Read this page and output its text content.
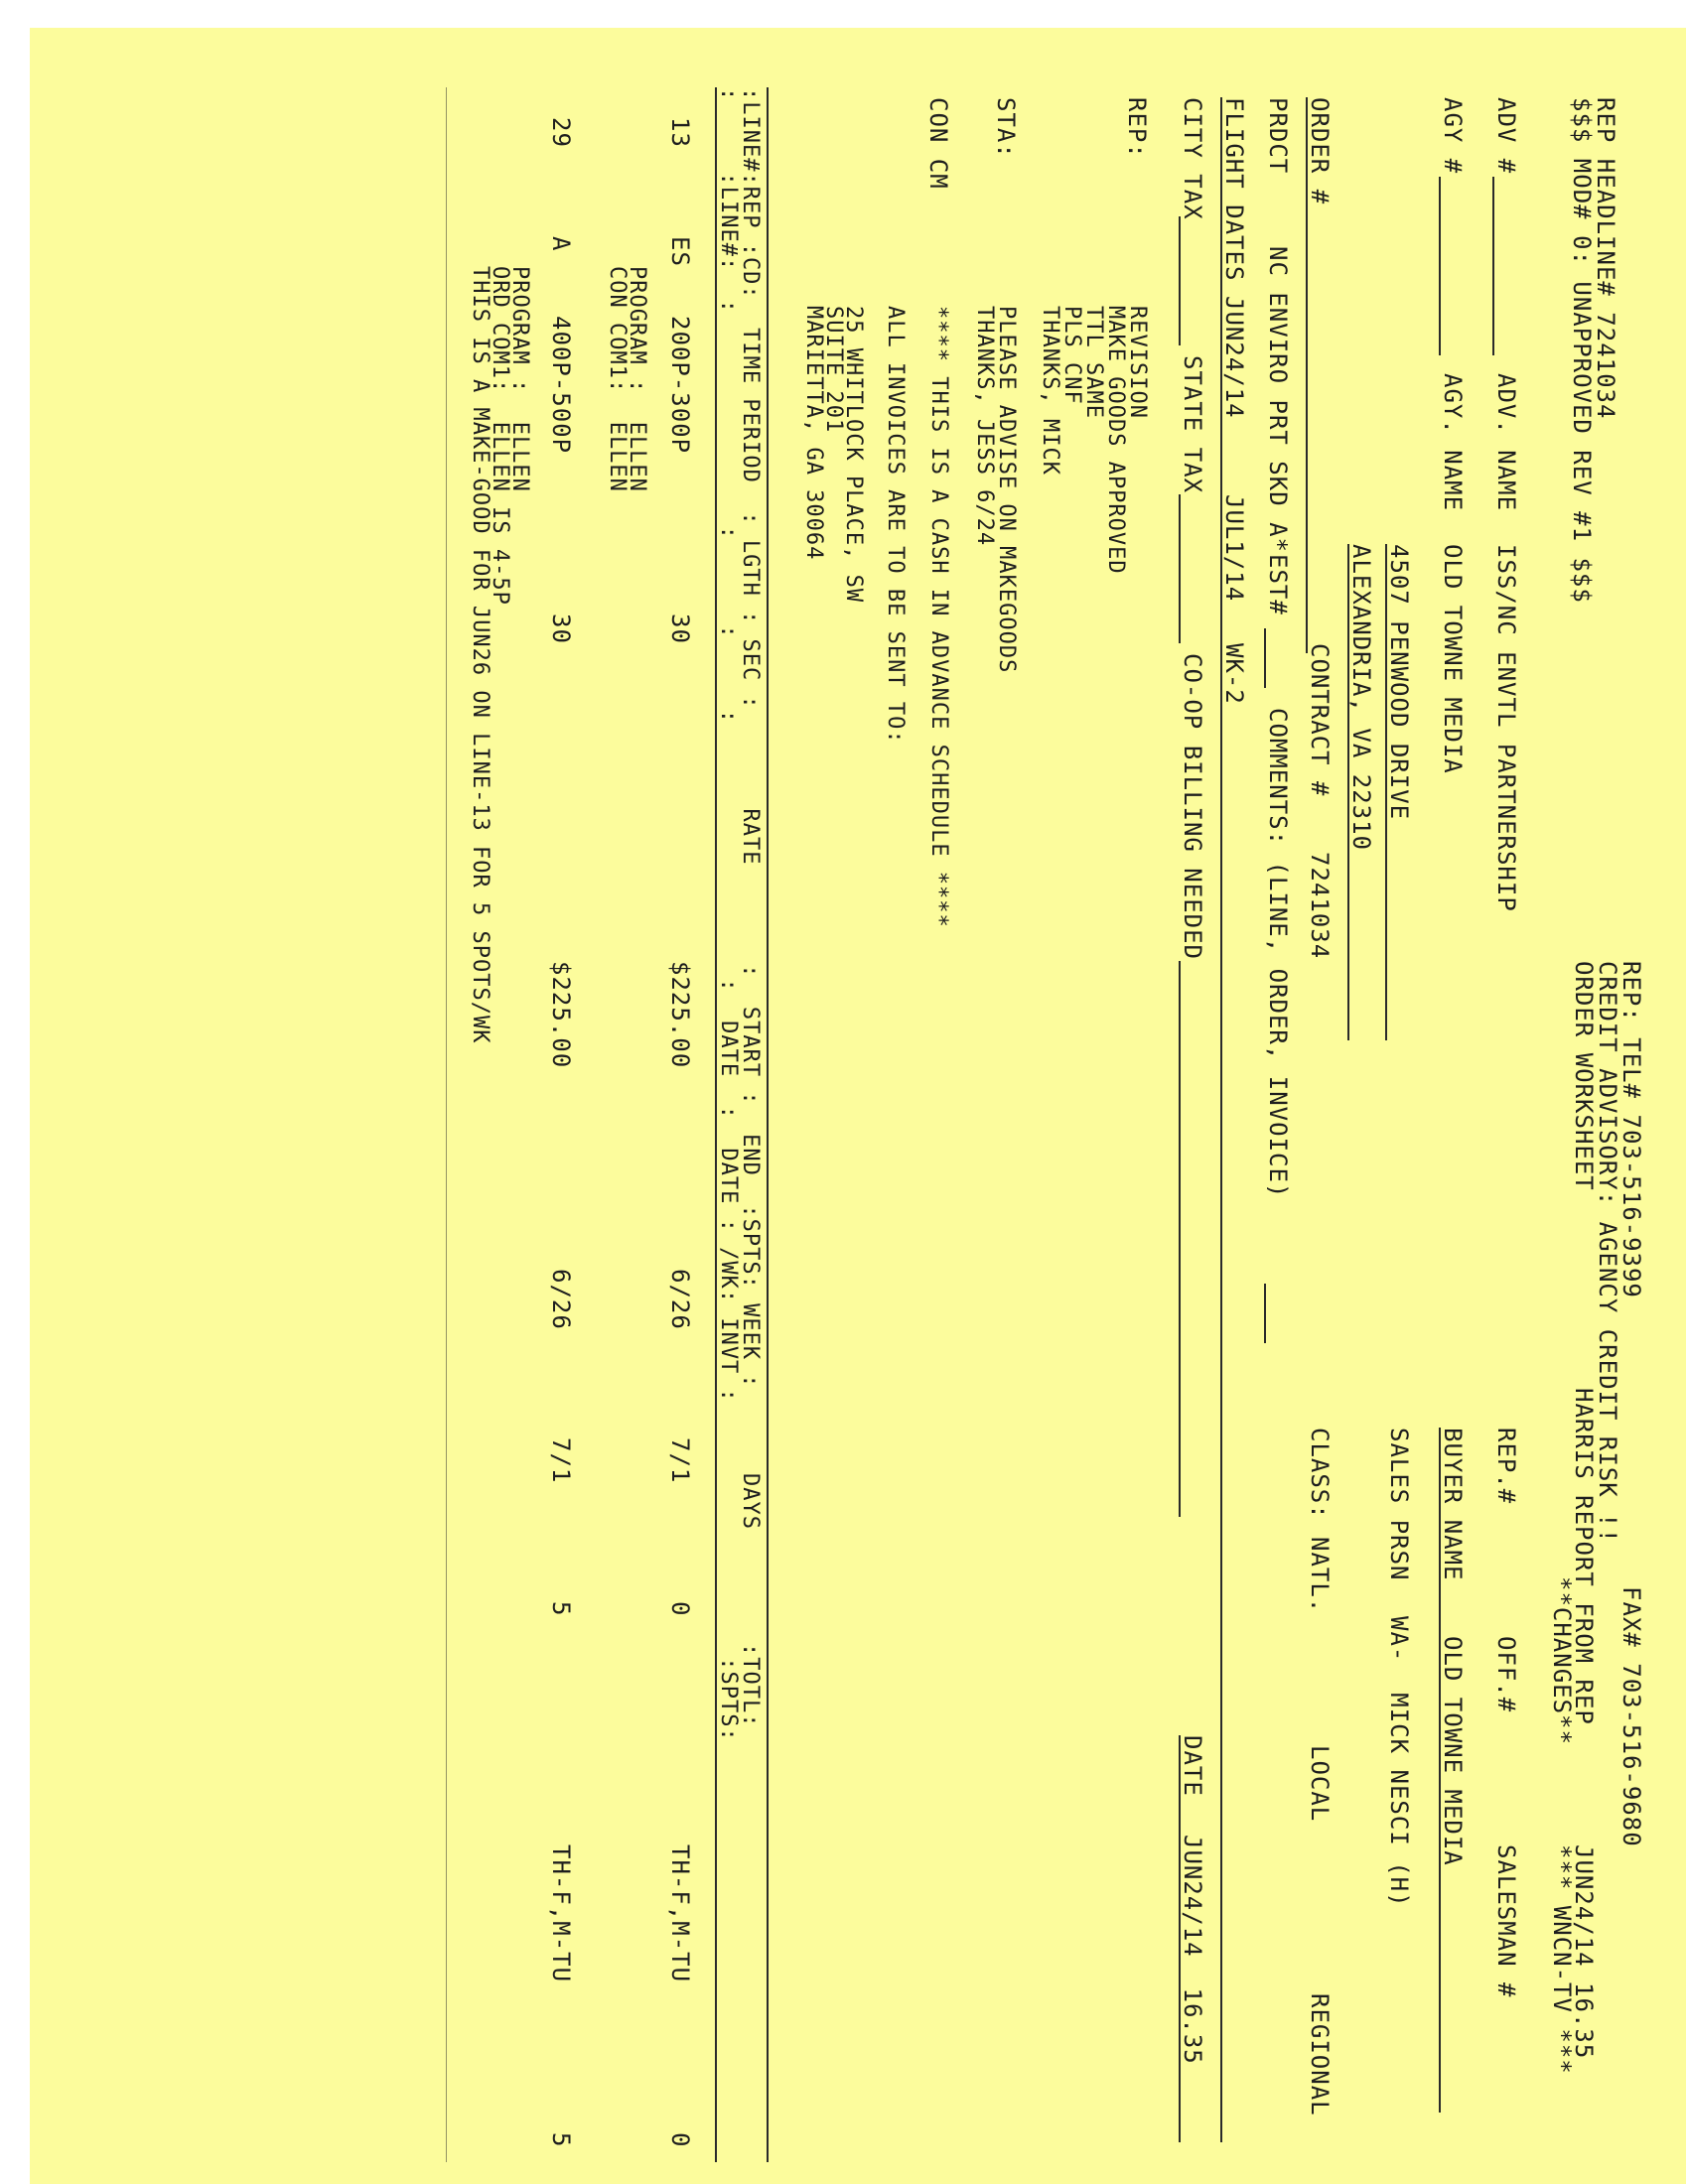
REP HEADLINE# 7241034
$$$ MOD# 0: UNAPPROVED REV #1 $$$
REP: TEL# 703-516-9399
FAX# 703-516-9680
CREDIT ADVISORY: AGENCY CREDIT RISK !!
ORDER WORKSHEET
HARRIS REPORT FROM REP
JUN24/14 16.35
**CHANGES**
*** WNCN-TV ***
ADV #
ADV. NAME
ISS/NC ENVTL PARTNERSHIP
REP.#
OFF.#
SALESMAN #
AGY #
AGY. NAME
OLD TOWNE MEDIA
BUYER NAME
OLD TOWNE MEDIA
4507 PENWOOD DRIVE
SALES PRSN
WA-  MICK NESCI (H)
ALEXANDRIA, VA 22310
ORDER #
CONTRACT #
7241034
CLASS:
NATL.
LOCAL
REGIONAL
PRDCT
NC ENVIRO PRT SKD A*
EST#
COMMENTS: (LINE, ORDER, INVOICE)
FLIGHT DATES
JUN24/14
JUL1/14
WK-2
CITY TAX
STATE TAX
CO-OP BILLING NEEDED
DATE
JUN24/14  16.35
REP:
REVISION
MAKE GOODS APPROVED
TTL SAME
PLS CNF
THANKS, MICK
STA:
PLEASE ADVISE ON MAKEGOODS
THANKS, JESS 6/24
CON CM
**** THIS IS A CASH IN ADVANCE SCHEDULE ****
ALL INVOICES ARE TO BE SENT TO:
25 WHITLOCK PLACE, SW
SUITE 201
MARIETTA, GA 30064
:LINE#:REP :CD:  TIME PERIOD  : LGTH : SEC :       RATE       :  START :  END  :SPTS: WEEK :      DAYS        :TOTL:
:     :LINE#:  :               :      :     :                  :  DATE  :  DATE : /WK: INVT :                  :SPTS:
13
ES
200P-300P
30
$225.00
6/26
7/1
0
TH-F,M-TU
0
PROGRAM :  ELLEN
CON COM1:  ELLEN
29
A
400P-500P
30
$225.00
6/26
7/1
5
TH-F,M-TU
5
PROGRAM :  ELLEN
ORD COM1:  ELLEN IS 4-5P
THIS IS A MAKE-GOOD FOR JUN26 ON LINE-13 FOR 5 SPOTS/WK
